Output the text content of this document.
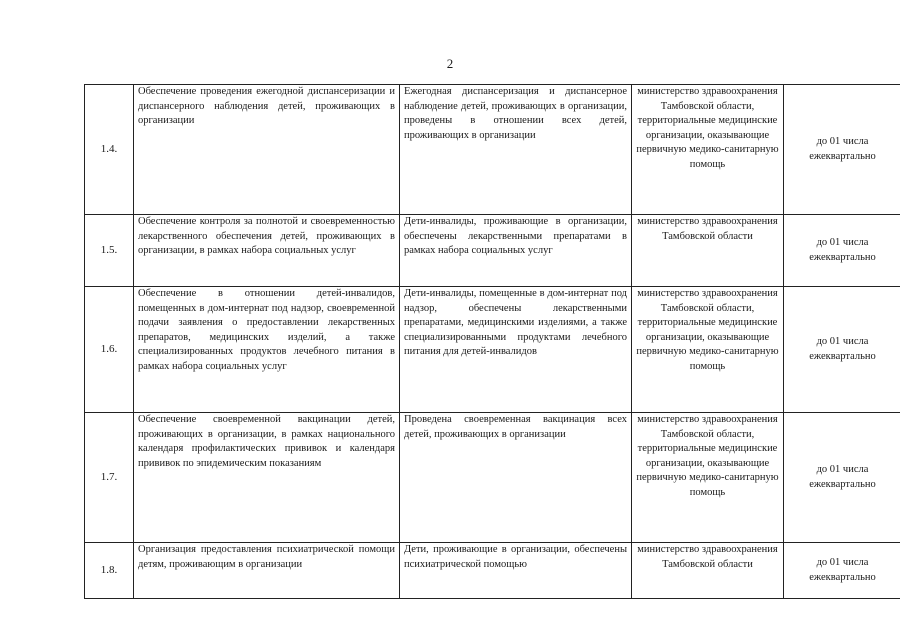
2
1.4.	Обеспечение проведения ежегодной диспансеризации и диспансерного наблюдения детей, проживающих в организации	Ежегодная диспансеризация и диспансерное наблюдение детей, проживающих в организации, проведены в отношении всех детей, проживающих в организации	министерство здравоохранения Тамбовской области, территориальные медицинские организации, оказывающие первичную медико-санитарную помощь	до 01 числа ежеквартально
1.5.	Обеспечение контроля за полнотой и своевременностью лекарственного обеспечения детей, проживающих в организации, в рамках набора социальных услуг	Дети-инвалиды, проживающие в организации, обеспечены лекарственными препаратами в рамках набора социальных услуг	министерство здравоохранения Тамбовской области	до 01 числа ежеквартально
1.6.	Обеспечение в отношении детей-инвалидов, помещенных в дом-интернат под надзор, своевременной подачи заявления о предоставлении лекарственных препаратов, медицинских изделий, а также специализированных продуктов лечебного питания в рамках набора социальных услуг	Дети-инвалиды, помещенные в дом-интернат под надзор, обеспечены лекарственными препаратами, медицинскими изделиями, а также специализированными продуктами лечебного питания для детей-инвалидов	министерство здравоохранения Тамбовской области, территориальные медицинские организации, оказывающие первичную медико-санитарную помощь	до 01 числа ежеквартально
1.7.	Обеспечение своевременной вакцинации детей, проживающих в организации, в рамках национального календаря профилактических прививок и календаря прививок по эпидемическим показаниям	Проведена своевременная вакцинация всех детей, проживающих в организации	министерство здравоохранения Тамбовской области, территориальные медицинские организации, оказывающие первичную медико-санитарную помощь	до 01 числа ежеквартально
1.8.	Организация предоставления психиатрической помощи детям, проживающим в организации	Дети, проживающие в организации, обеспечены психиатрической помощью	министерство здравоохранения Тамбовской области	до 01 числа ежеквартально
